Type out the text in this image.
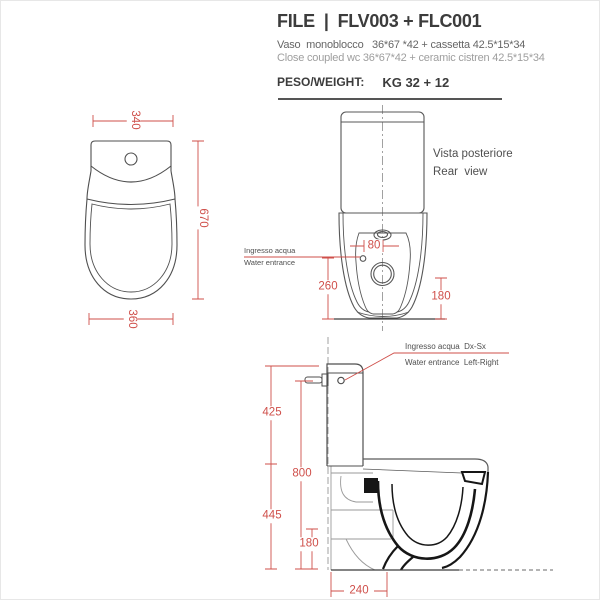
FILE | FLV003 + FLC001
Vaso  monoblocco   36*67 *42 + cassetta 42.5*15*34
Close coupled wc 36*67*42 + ceramic cistren 42.5*15*34
PESO/WEIGHT: KG 32 + 12
340
670
360
80
260
180
425
800
445
180
240
Vista posteriore
Rear  view
Ingresso acqua
Water entrance
Ingresso acqua  Dx-Sx
Water entrance  Left-Right
